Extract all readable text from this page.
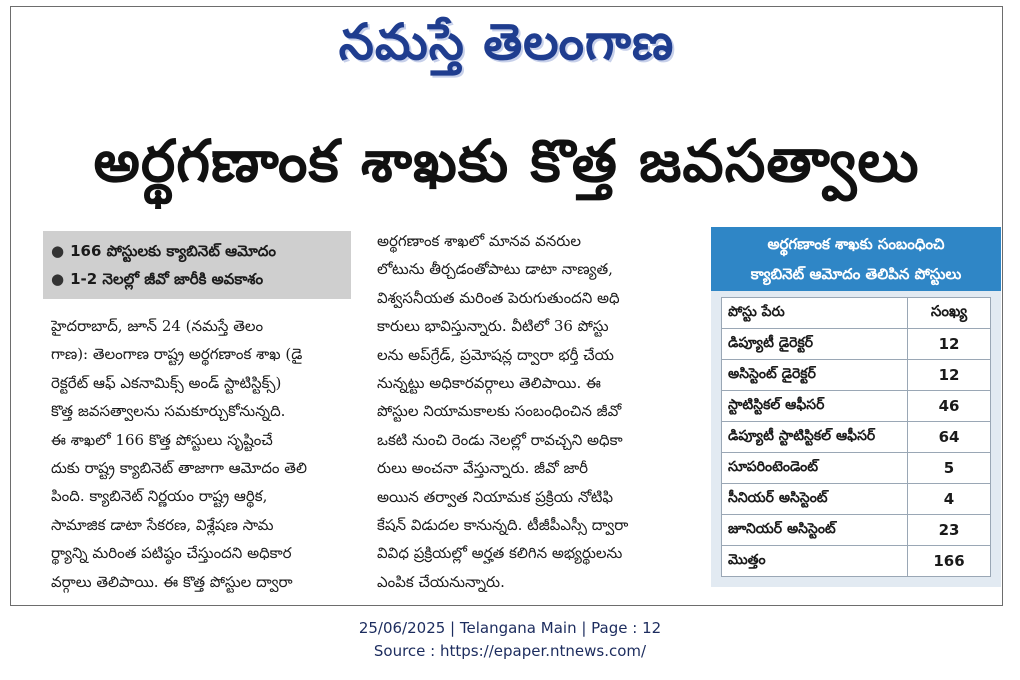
నమస్తే తెలంగాణ
అర్థగణాంక శాఖకు కొత్త జవసత్వాలు
● 166 పోస్టులకు క్యాబినెట్ ఆమోదం
● 1-2 నెలల్లో జీవో జారీకి అవకాశం
హైదరాబాద్, జూన్ 24 (నమస్తే తెలం
గాణ): తెలంగాణ రాష్ట్ర అర్థగణాంక శాఖ (డై
రెక్టరేట్ ఆఫ్ ఎకనామిక్స్ అండ్ స్టాటిస్టిక్స్)
కొత్త జవసత్వాలను సమకూర్చుకోనున్నది.
ఈ శాఖలో 166 కొత్త పోస్టులు సృష్టించే
దుకు రాష్ట్ర క్యాబినెట్ తాజాగా ఆమోదం తెలి
పింది. క్యాబినెట్ నిర్ణయం రాష్ట్ర ఆర్థిక,
సామాజిక డాటా సేకరణ, విశ్లేషణ సామ
ర్థ్యాన్ని మరింత పటిష్ఠం చేస్తుందని అధికార
వర్గాలు తెలిపాయి. ఈ కొత్త పోస్టుల ద్వారా
అర్థగణాంక శాఖలో మానవ వనరుల
లోటును తీర్చడంతోపాటు డాటా నాణ్యత,
విశ్వసనీయత మరింత పెరుగుతుందని అధి
కారులు భావిస్తున్నారు. వీటిలో 36 పోస్టు
లను అప్‌గ్రేడ్, ప్రమోషన్ల ద్వారా భర్తీ చేయ
నున్నట్టు అధికారవర్గాలు తెలిపాయి. ఈ
పోస్టుల నియామకాలకు సంబంధించిన జీవో
ఒకటి నుంచి రెండు నెలల్లో రావచ్చని అధికా
రులు అంచనా వేస్తున్నారు. జీవో జారీ
అయిన తర్వాత నియామక ప్రక్రియ నోటిఫి
కేషన్ విడుదల కానున్నది. టీజీపీఎస్సీ ద్వారా
వివిధ ప్రక్రియల్లో అర్హత కలిగిన అభ్యర్థులను
ఎంపిక చేయనున్నారు.
అర్థగణాంక శాఖకు సంబంధించి
క్యాబినెట్ ఆమోదం తెలిపిన పోస్టులు
పోస్టు పేరు	సంఖ్య
డిప్యూటీ డైరెక్టర్	12
అసిస్టెంట్ డైరెక్టర్	12
స్టాటిస్టికల్ ఆఫీసర్	46
డిప్యూటీ స్టాటిస్టికల్ ఆఫీసర్	64
సూపరింటెండెంట్	5
సీనియర్ అసిస్టెంట్	4
జూనియర్ అసిస్టెంట్	23
మొత్తం	166
25/06/2025 | Telangana Main | Page : 12
Source : https://epaper.ntnews.com/
